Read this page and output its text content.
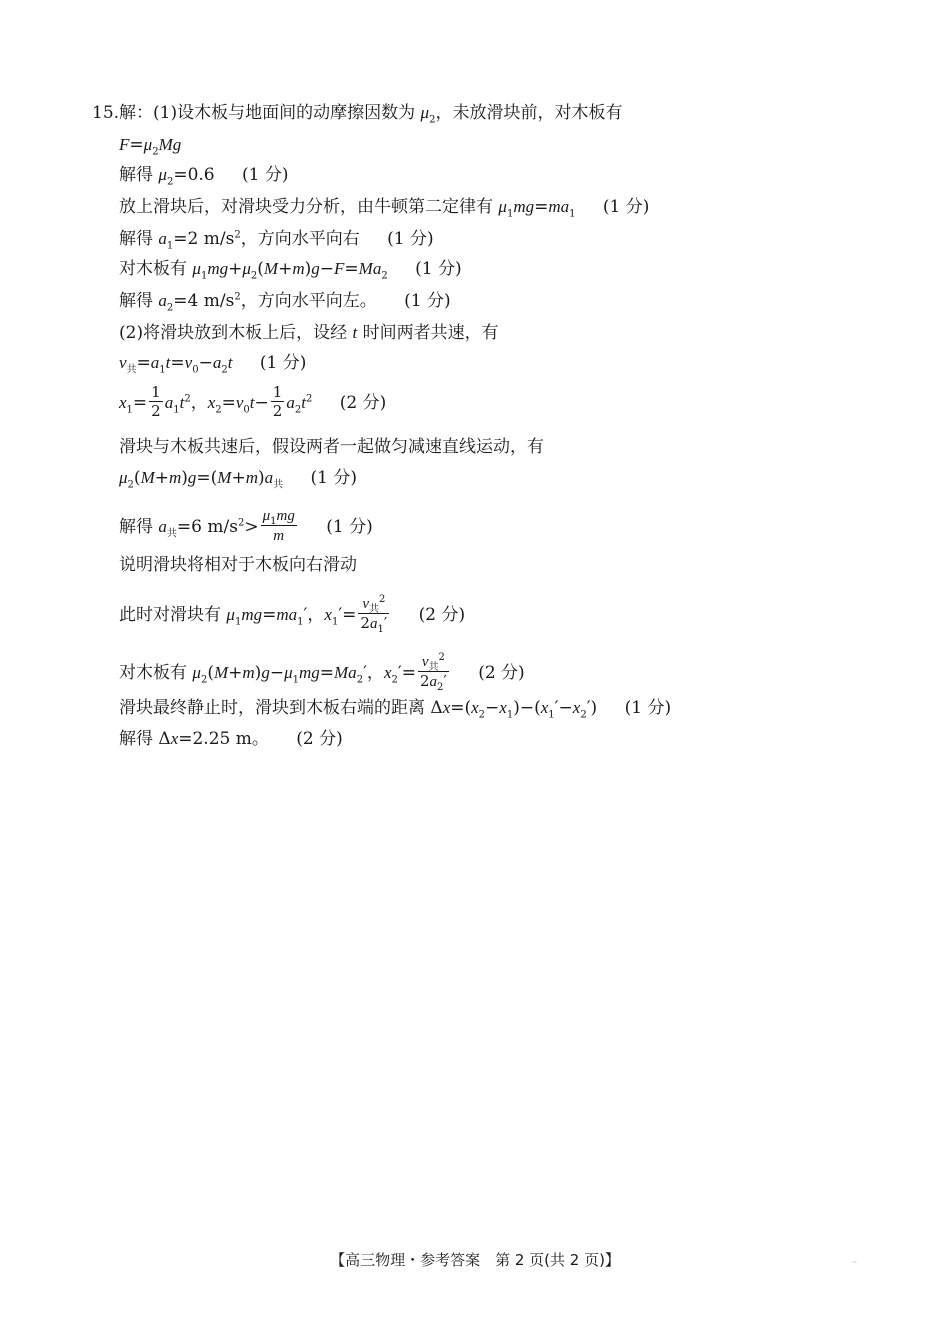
15.解：(1)设木板与地面间的动摩擦因数为 $\mu_2$，未放滑块前，对木板有
$F=\mu_2Mg$
解得 $\mu_2=0.6$ (1 分)
放上滑块后，对滑块受力分析，由牛顿第二定律有 $\mu_1mg=ma_1$ (1 分)
解得 $a_1=2$ $m/s^2$，方向水平向右 (1 分)
对木板有 $\mu_1mg+\mu_2(M+m)g-F=Ma_2$ (1 分)
解得 $a_2=4$ $m/s^2$，方向水平向左。 (1 分)
(2)将滑块放到木板上后，设经 t 时间两者共速，有
$v_共=a_1t=v_0-a_2t$ (1 分)
$x_1= \frac{1}{2} a_1t^2$，$x_2=v_0t- \frac{1}{2} a_2t^2$ (2 分)
滑块与木板共速后，假设两者一起做匀减速直线运动，有
$\mu_2(M+m)g=(M+m)a_共$ (1 分)
解得 $a_共=6$ $m/s^2> \frac{\mu_1mg}{m} (1$ 分)
说明滑块将相对于木板向右滑动
此时对滑块有 $\mu_1mg=ma_1'$，$x_1'= \frac{v_共^2}{2a_1'} (2$ 分)
对木板有 $\mu_2(M+m)g-\mu_1mg=Ma_2'$，$x_2'= \frac{v_共^2}{2a_2'} (2$ 分)
滑块最终静止时，滑块到木板右端的距离 $\Delta x=(x_2-x_1)-(x_1'-x_2')$ (1 分)
解得 Δx=2.25 m。 (2 分)
【高三物理・参考答案　第 2 页(共 2 页)】	··
